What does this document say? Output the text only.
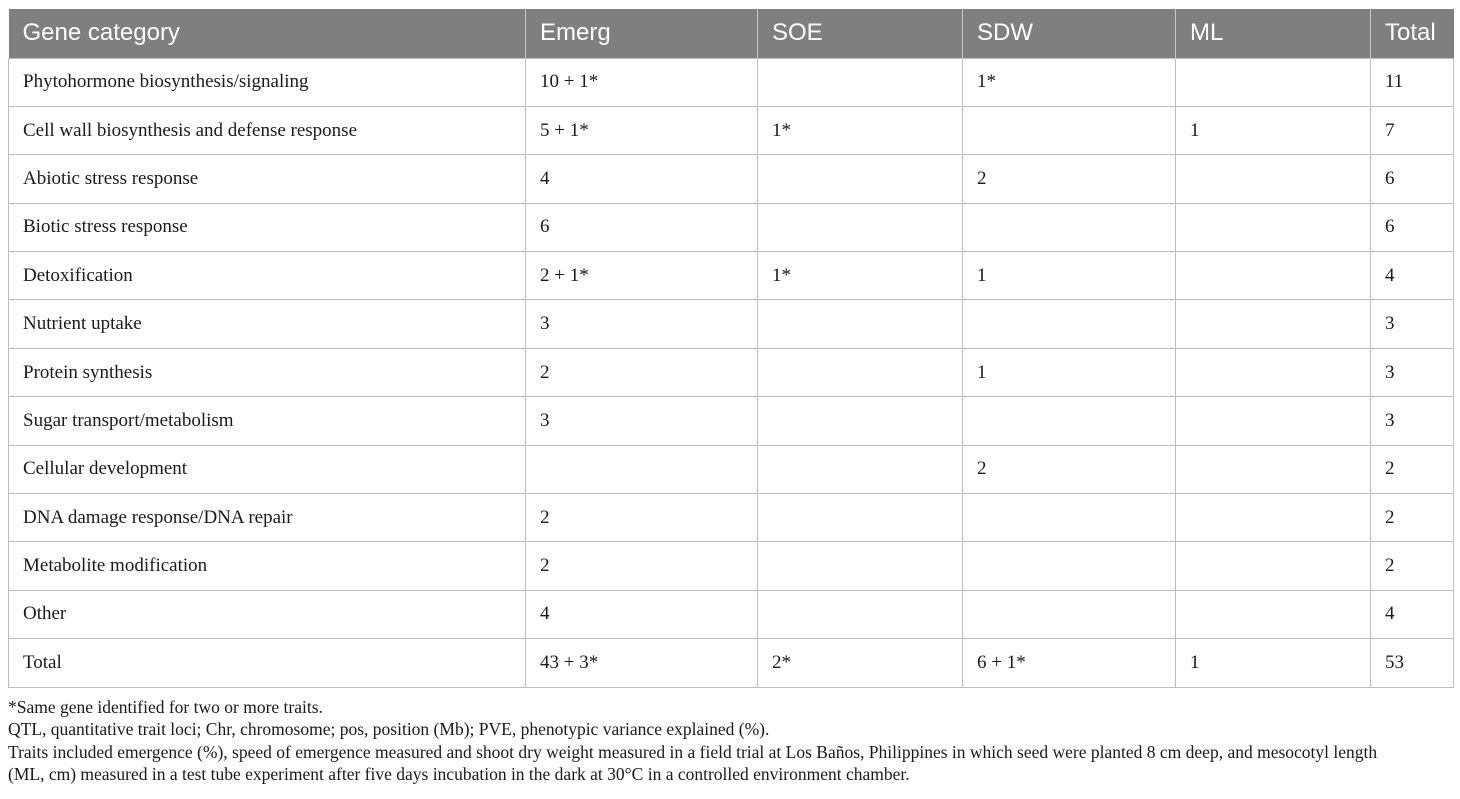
Gene category	Emerg	SOE	SDW	ML	Total
Phytohormone biosynthesis/signaling	10 + 1*		1*		11
Cell wall biosynthesis and defense response	5 + 1*	1*		1	7
Abiotic stress response	4		2		6
Biotic stress response	6				6
Detoxification	2 + 1*	1*	1		4
Nutrient uptake	3				3
Protein synthesis	2		1		3
Sugar transport/metabolism	3				3
Cellular development			2		2
DNA damage response/DNA repair	2				2
Metabolite modification	2				2
Other	4				4
Total	43 + 3*	2*	6 + 1*	1	53
*Same gene identified for two or more traits.
QTL, quantitative trait loci; Chr, chromosome; pos, position (Mb); PVE, phenotypic variance explained (%).
Traits included emergence (%), speed of emergence measured and shoot dry weight measured in a field trial at Los Baños, Philippines in which seed were planted 8 cm deep, and mesocotyl length
(ML, cm) measured in a test tube experiment after five days incubation in the dark at 30°C in a controlled environment chamber.
